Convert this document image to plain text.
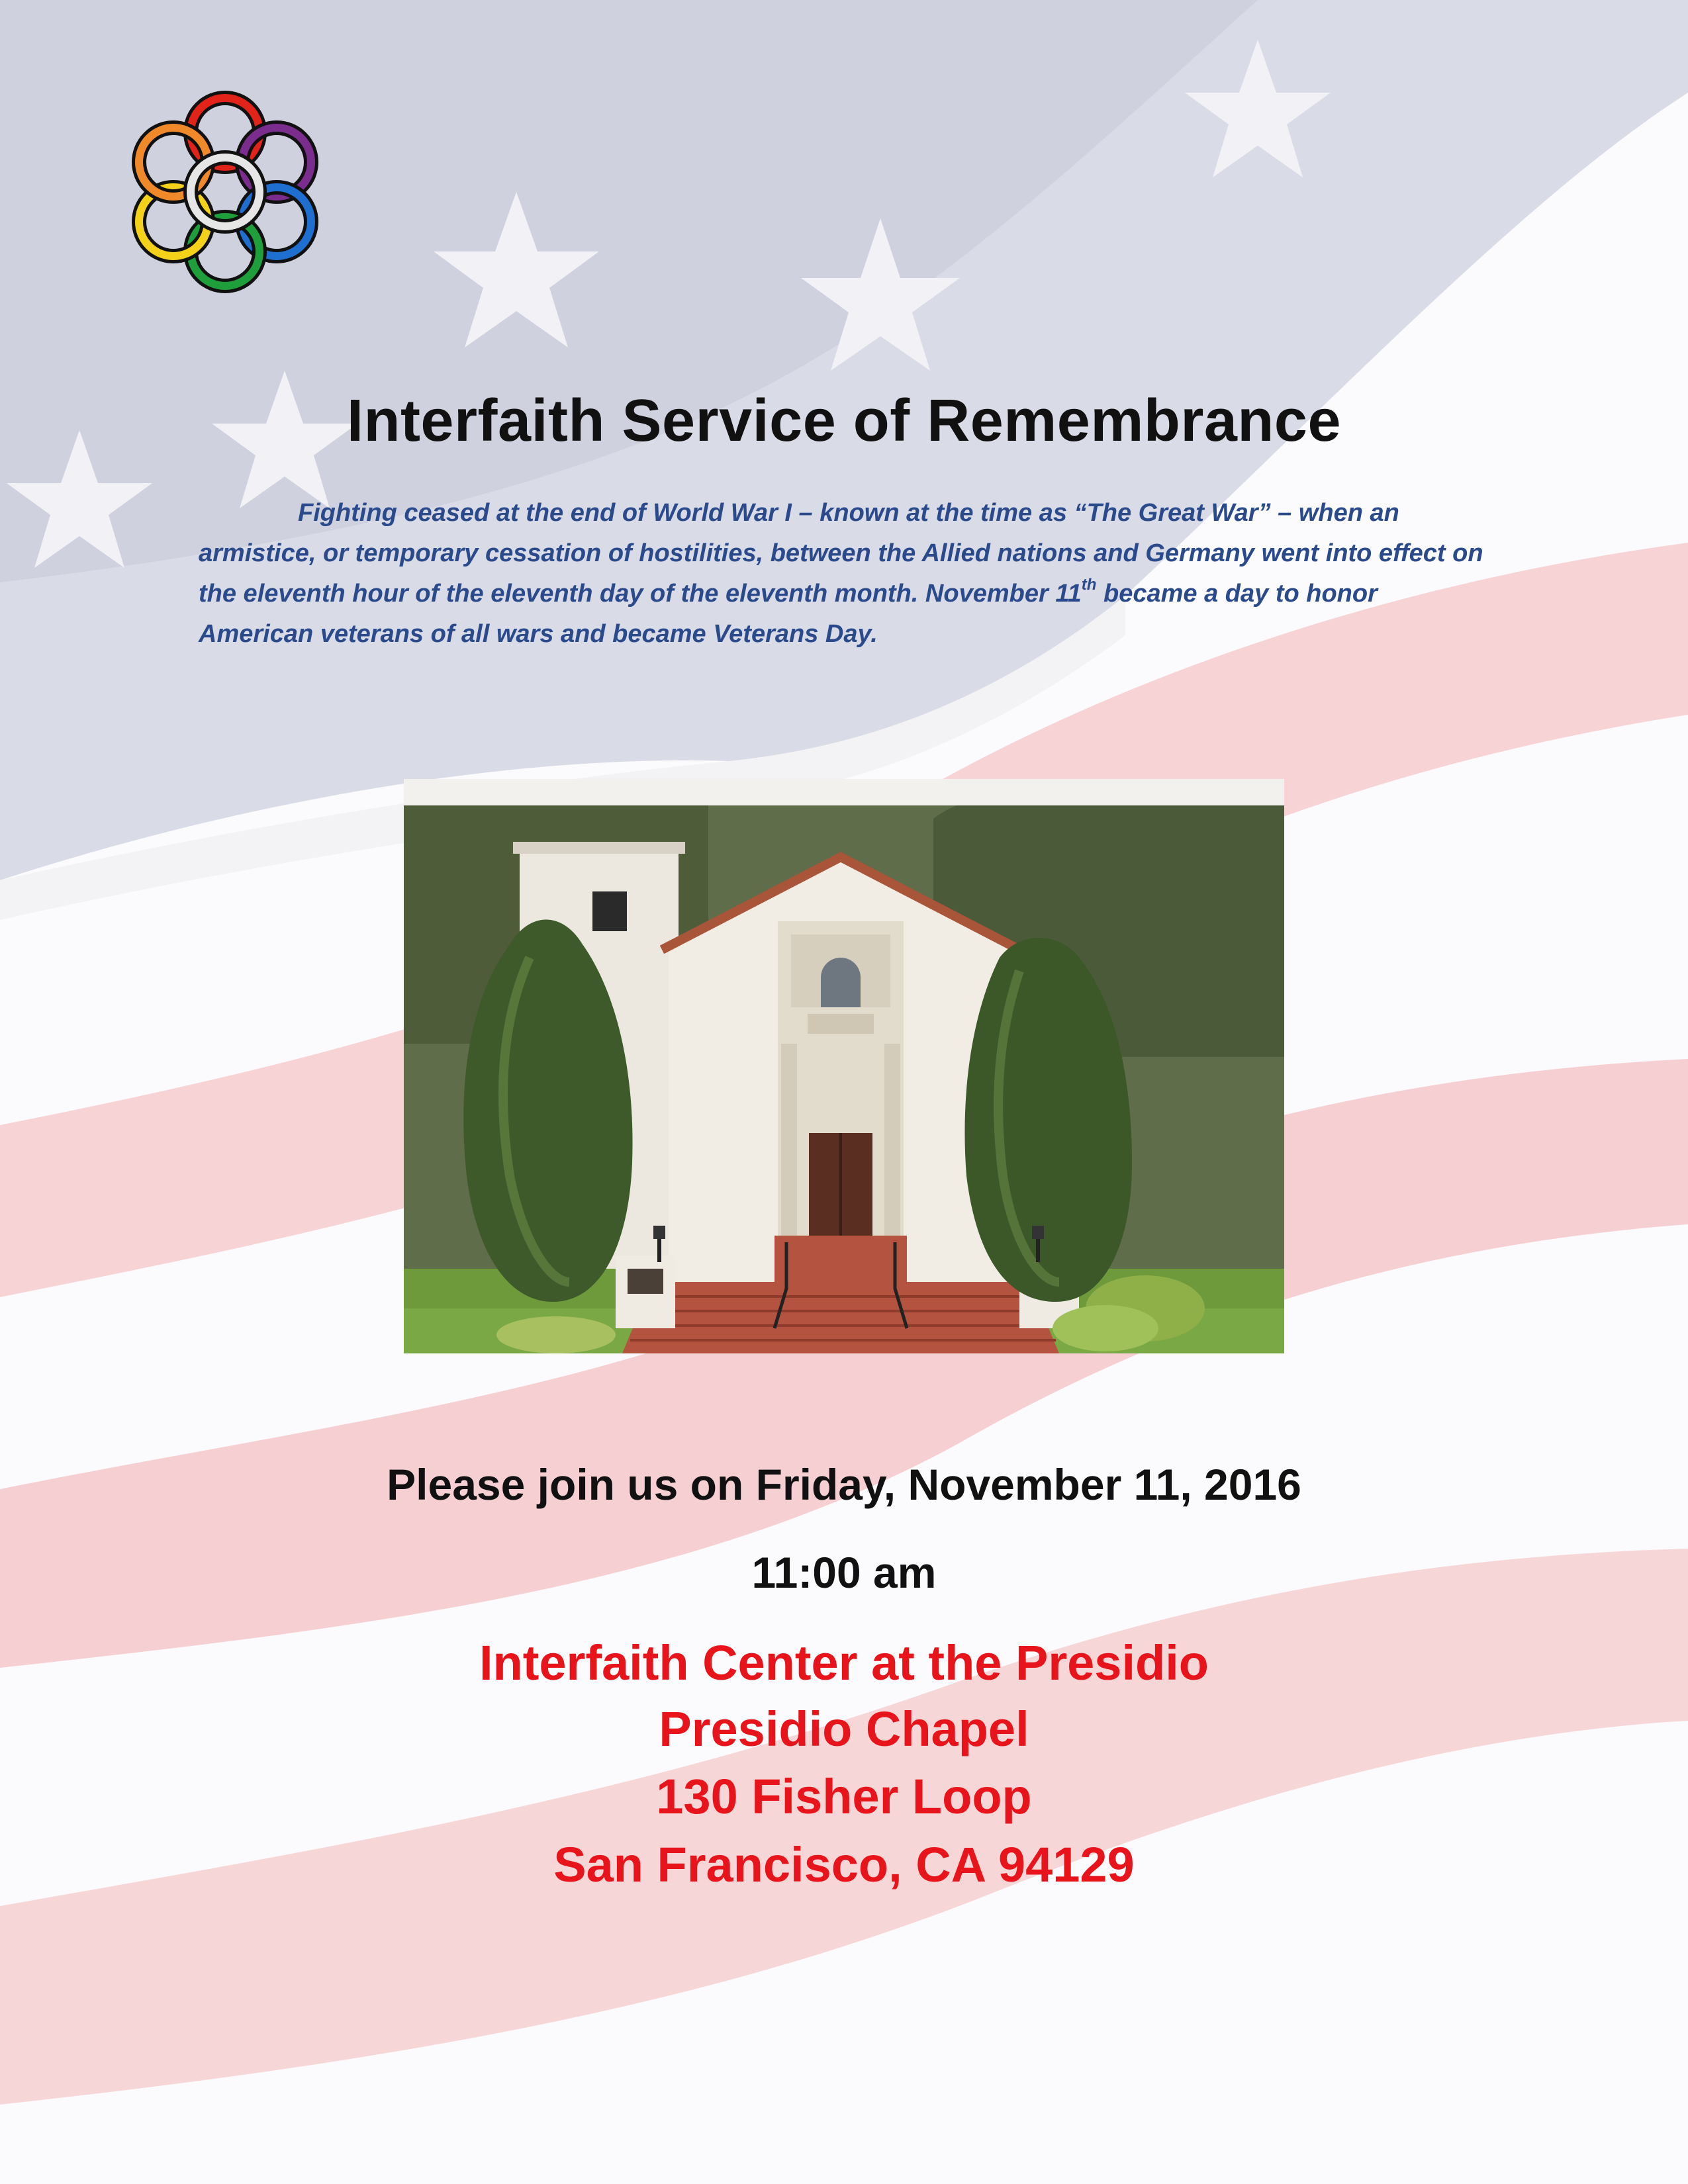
Interfaith Service of Remembrance

Fighting ceased at the end of World War I – known at the time as “The Great War” – when an armistice, or temporary cessation of hostilities, between the Allied nations and Germany went into effect on the eleventh hour of the eleventh day of the eleventh month. November 11th became a day to honor American veterans of all wars and became Veterans Day.

Please join us on Friday, November 11, 2016
11:00 am
Interfaith Center at the Presidio
Presidio Chapel
130 Fisher Loop
San Francisco, CA 94129
